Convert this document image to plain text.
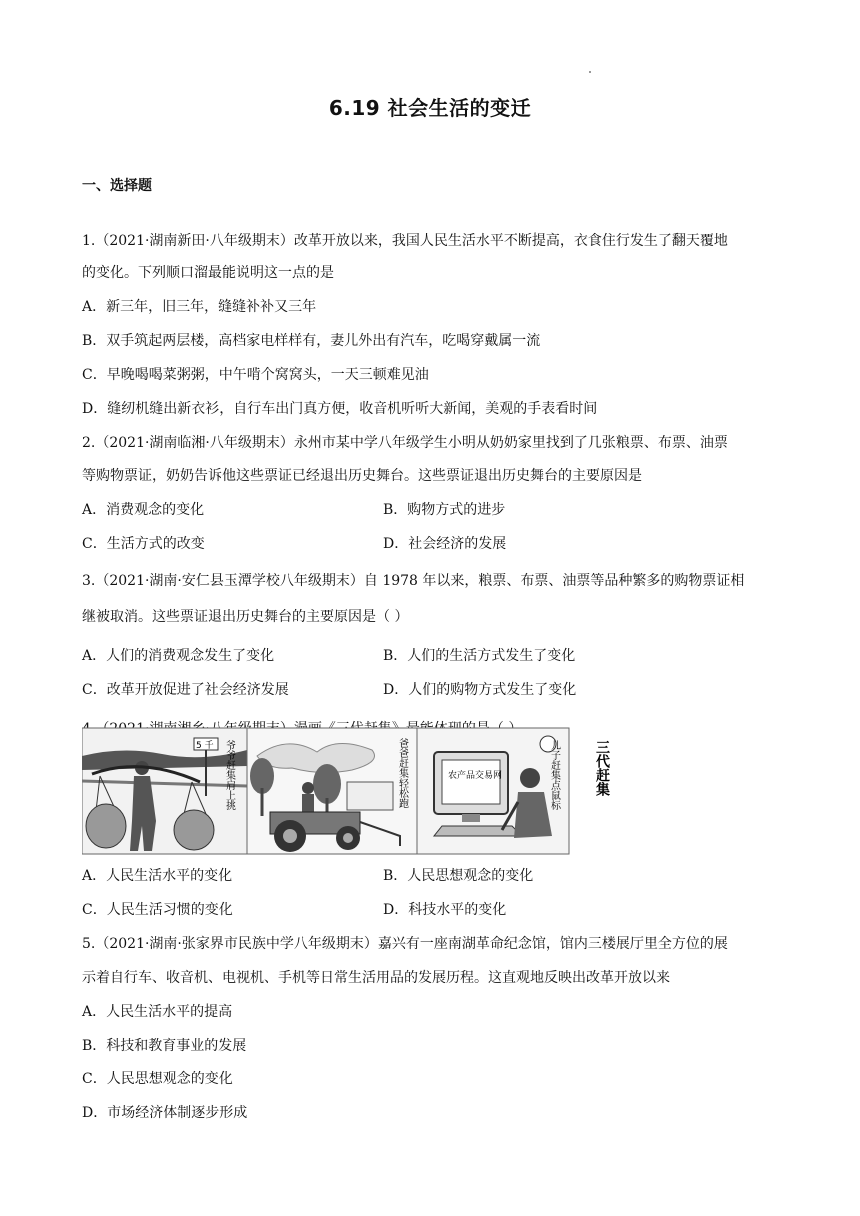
6.19 社会生活的变迁
一、选择题
1.（2021·湖南新田·八年级期末）改革开放以来，我国人民生活水平不断提高，衣食住行发生了翻天覆地
的变化。下列顺口溜最能说明这一点的是
A．新三年，旧三年，缝缝补补又三年
B．双手筑起两层楼，高档家电样样有，妻儿外出有汽车，吃喝穿戴属一流
C．早晚喝喝菜粥粥，中午啃个窝窝头，一天三顿难见油
D．缝纫机缝出新衣衫，自行车出门真方便，收音机听听大新闻，美观的手表看时间
2.（2021·湖南临湘·八年级期末）永州市某中学八年级学生小明从奶奶家里找到了几张粮票、布票、油票
等购物票证，奶奶告诉他这些票证已经退出历史舞台。这些票证退出历史舞台的主要原因是
A．消费观念的变化	B．购物方式的进步
C．生活方式的改变	D．社会经济的发展
3.（2021·湖南·安仁县玉潭学校八年级期末）自 1978 年以来，粮票、布票、油票等品种繁多的购物票证相
继被取消。这些票证退出历史舞台的主要原因是（ ）
A．人们的消费观念发生了变化	B．人们的生活方式发生了变化
C．改革开放促进了社会经济发展	D．人们的购物方式发生了变化
5 千 爷爷赶集肩上挑	爸爸赶集轻松跑	农产品交易网	儿子赶集点鼠标 三代赶集
A．人民生活水平的变化	B．人民思想观念的变化
C．人民生活习惯的变化	D．科技水平的变化
5.（2021·湖南·张家界市民族中学八年级期末）嘉兴有一座南湖革命纪念馆，馆内三楼展厅里全方位的展
示着自行车、收音机、电视机、手机等日常生活用品的发展历程。这直观地反映出改革开放以来
A．人民生活水平的提高
B．科技和教育事业的发展
C．人民思想观念的变化
D．市场经济体制逐步形成
